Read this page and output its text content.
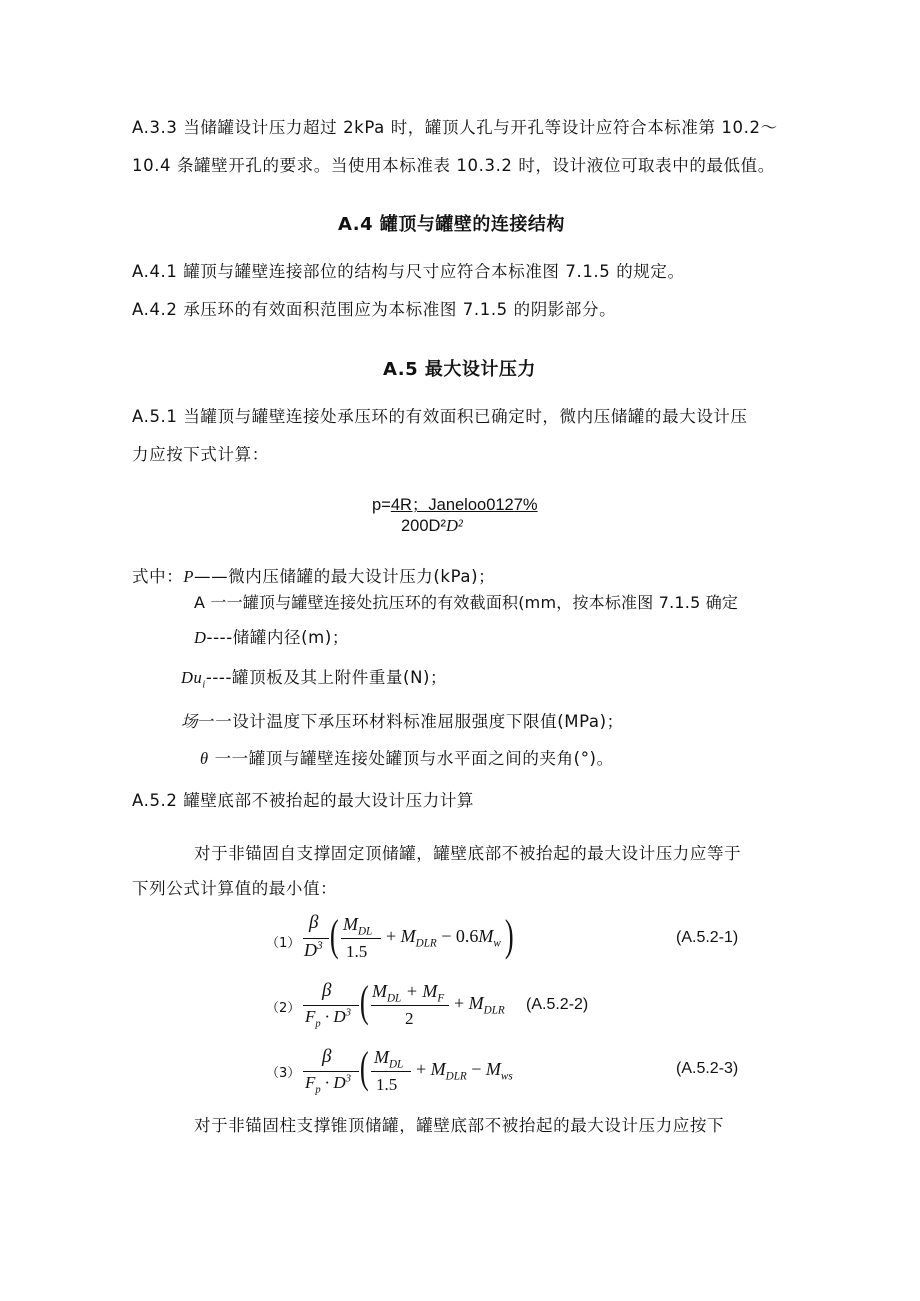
A.3.3 当储罐设计压力超过 2kPa 时，罐顶人孔与开孔等设计应符合本标准第 10.2～
10.4 条罐壁开孔的要求。当使用本标准表 10.3.2 时，设计液位可取表中的最低值。
A.4 罐顶与罐壁的连接结构
A.4.1 罐顶与罐壁连接部位的结构与尺寸应符合本标准图 7.1.5 的规定。
A.4.2 承压环的有效面积范围应为本标准图 7.1.5 的阴影部分。
A.5 最大设计压力
A.5.1 当罐顶与罐壁连接处承压环的有效面积已确定时，微内压储罐的最大设计压
力应按下式计算：
p=4R；Janeloo0127%
200D²D²
式中：P——微内压储罐的最大设计压力(kPa)；
A 一一罐顶与罐壁连接处抗压环的有效截面积(mm，按本标准图 7.1.5 确定
D----储罐内径(m)；
$Du_i----$罐顶板及其上附件重量(N)；
场一一设计温度下承压环材料标准屈服强度下限值(MPa)；
θ 一一罐顶与罐壁连接处罐顶与水平面之间的夹角(°)。
A.5.2 罐壁底部不被抬起的最大设计压力计算
对于非锚固自支撑固定顶储罐，罐壁底部不被抬起的最大设计压力应等于
下列公式计算值的最小值：
（1）
β
$D^3$ ( $M_{DL}$
1.5
+ $M_{DLR} - 0.6M_w$ )	(A.5.2-1)
（2）
β
$F_p \cdot D^3$ ( $M_{DL} + M_F$
2
+ $M_{DLR}$ (A.5.2-2)
（3）
β
$F_p \cdot D^3$ ( $M_{DL}$
1.5
+ $M_{DLR} - M_{ws}$	(A.5.2-3)
对于非锚固柱支撑锥顶储罐，罐壁底部不被抬起的最大设计压力应按下
